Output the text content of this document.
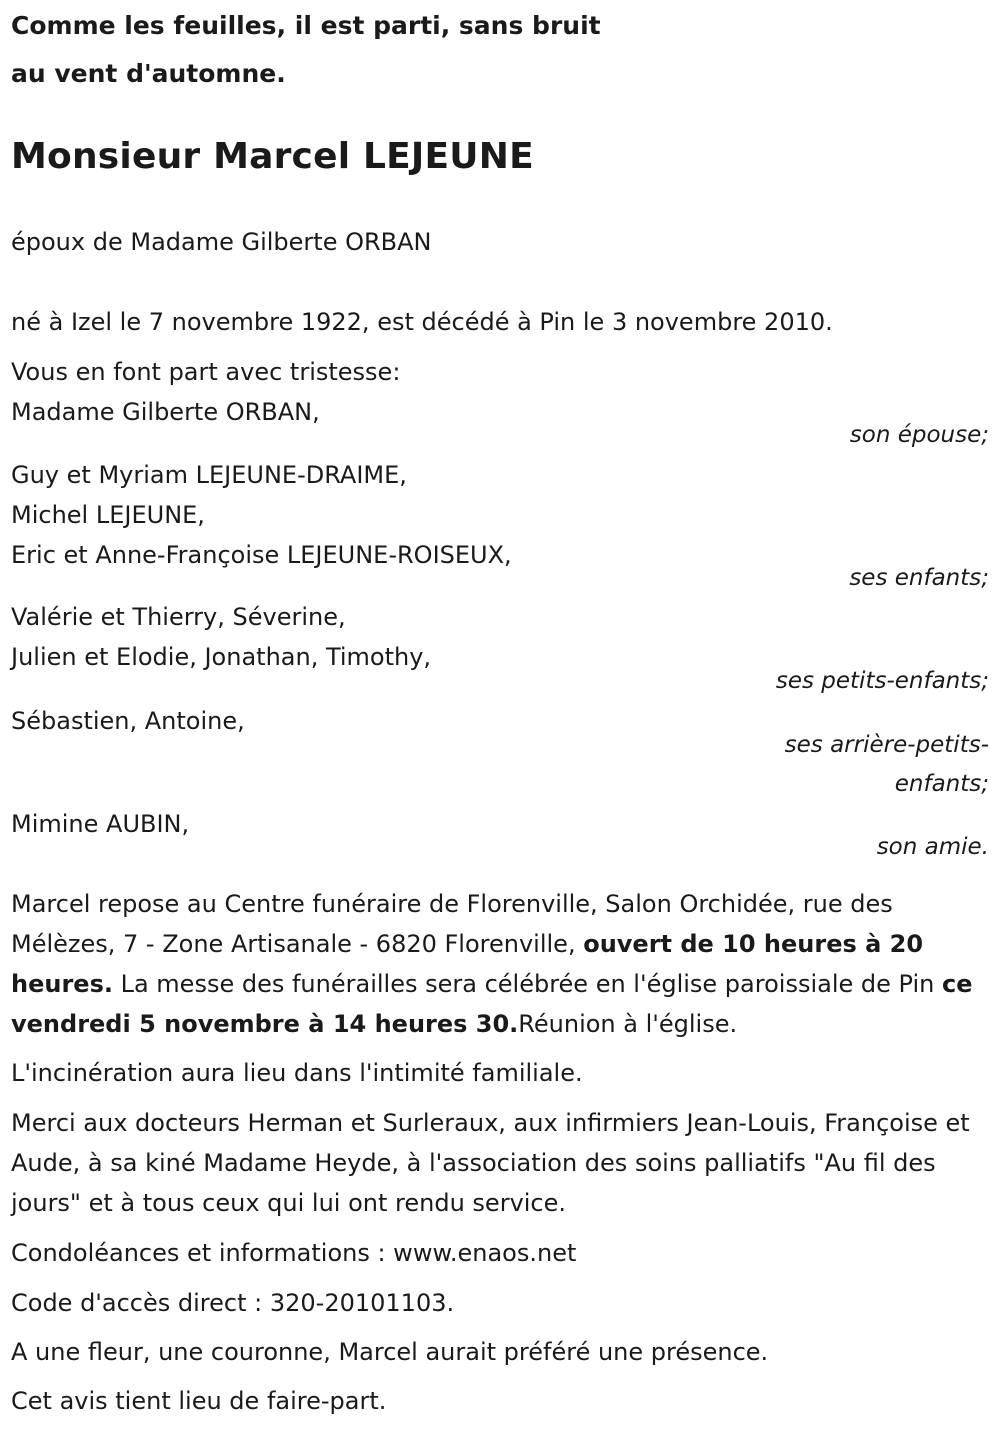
Comme les feuilles, il est parti, sans bruit
au vent d'automne.
Monsieur Marcel LEJEUNE
époux de Madame Gilberte ORBAN
né à Izel le 7 novembre 1922, est décédé à Pin le 3 novembre 2010.
Vous en font part avec tristesse:
Madame Gilberte ORBAN,
son épouse;
Guy et Myriam LEJEUNE-DRAIME,
Michel LEJEUNE,
Eric et Anne-Françoise LEJEUNE-ROISEUX,
ses enfants;
Valérie et Thierry, Séverine,
Julien et Elodie, Jonathan, Timothy,
ses petits-enfants;
Sébastien, Antoine,
ses arrière-petits-
enfants;
Mimine AUBIN,
son amie.
Marcel repose au Centre funéraire de Florenville, Salon Orchidée, rue des Mélèzes, 7 - Zone Artisanale - 6820 Florenville, ouvert de 10 heures à 20 heures. La messe des funérailles sera célébrée en l'église paroissiale de Pin ce vendredi 5 novembre à 14 heures 30.Réunion à l'église.
L'incinération aura lieu dans l'intimité familiale.
Merci aux docteurs Herman et Surleraux, aux infirmiers Jean-Louis, Françoise et Aude, à sa kiné Madame Heyde, à l'association des soins palliatifs "Au fil des jours" et à tous ceux qui lui ont rendu service.
Condoléances et informations : www.enaos.net
Code d'accès direct : 320-20101103.
A une fleur, une couronne, Marcel aurait préféré une présence.
Cet avis tient lieu de faire-part.
